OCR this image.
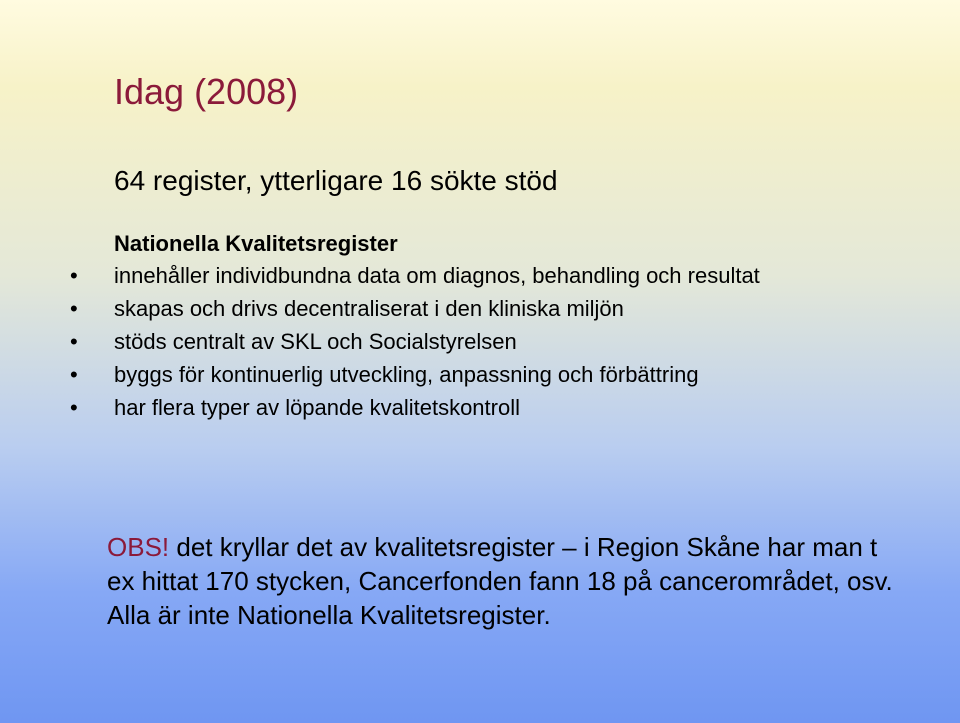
Idag (2008)
64 register, ytterligare 16 sökte stöd
Nationella Kvalitetsregister
• innehåller individbundna data om diagnos, behandling och resultat
• skapas och drivs decentraliserat i den kliniska miljön
• stöds centralt av SKL och Socialstyrelsen
• byggs för kontinuerlig utveckling, anpassning och förbättring
• har flera typer av löpande kvalitetskontroll
OBS! det kryllar det av kvalitetsregister – i Region Skåne har man t ex hittat 170 stycken, Cancerfonden fann 18 på cancerområdet, osv. Alla är inte Nationella Kvalitetsregister.
